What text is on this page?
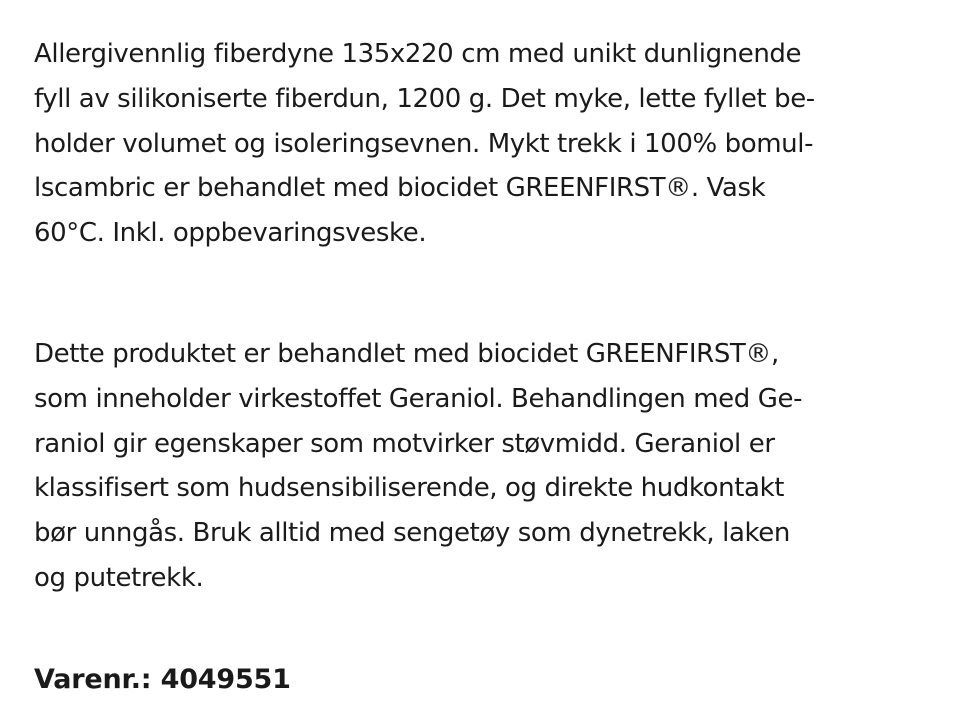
Allergivennlig fiberdyne 135x220 cm med unikt dunlignende
fyll av silikoniserte fiberdun, 1200 g. Det myke, lette fyllet be-
holder volumet og isoleringsevnen. Mykt trekk i 100% bomul-
lscambric er behandlet med biocidet GREENFIRST®. Vask
60°C. Inkl. oppbevaringsveske.

Dette produktet er behandlet med biocidet GREENFIRST®,
som inneholder virkestoffet Geraniol. Behandlingen med Ge-
raniol gir egenskaper som motvirker støvmidd. Geraniol er
klassifisert som hudsensibiliserende, og direkte hudkontakt
bør unngås. Bruk alltid med sengetøy som dynetrekk, laken
og putetrekk.

Varenr.: 4049551
